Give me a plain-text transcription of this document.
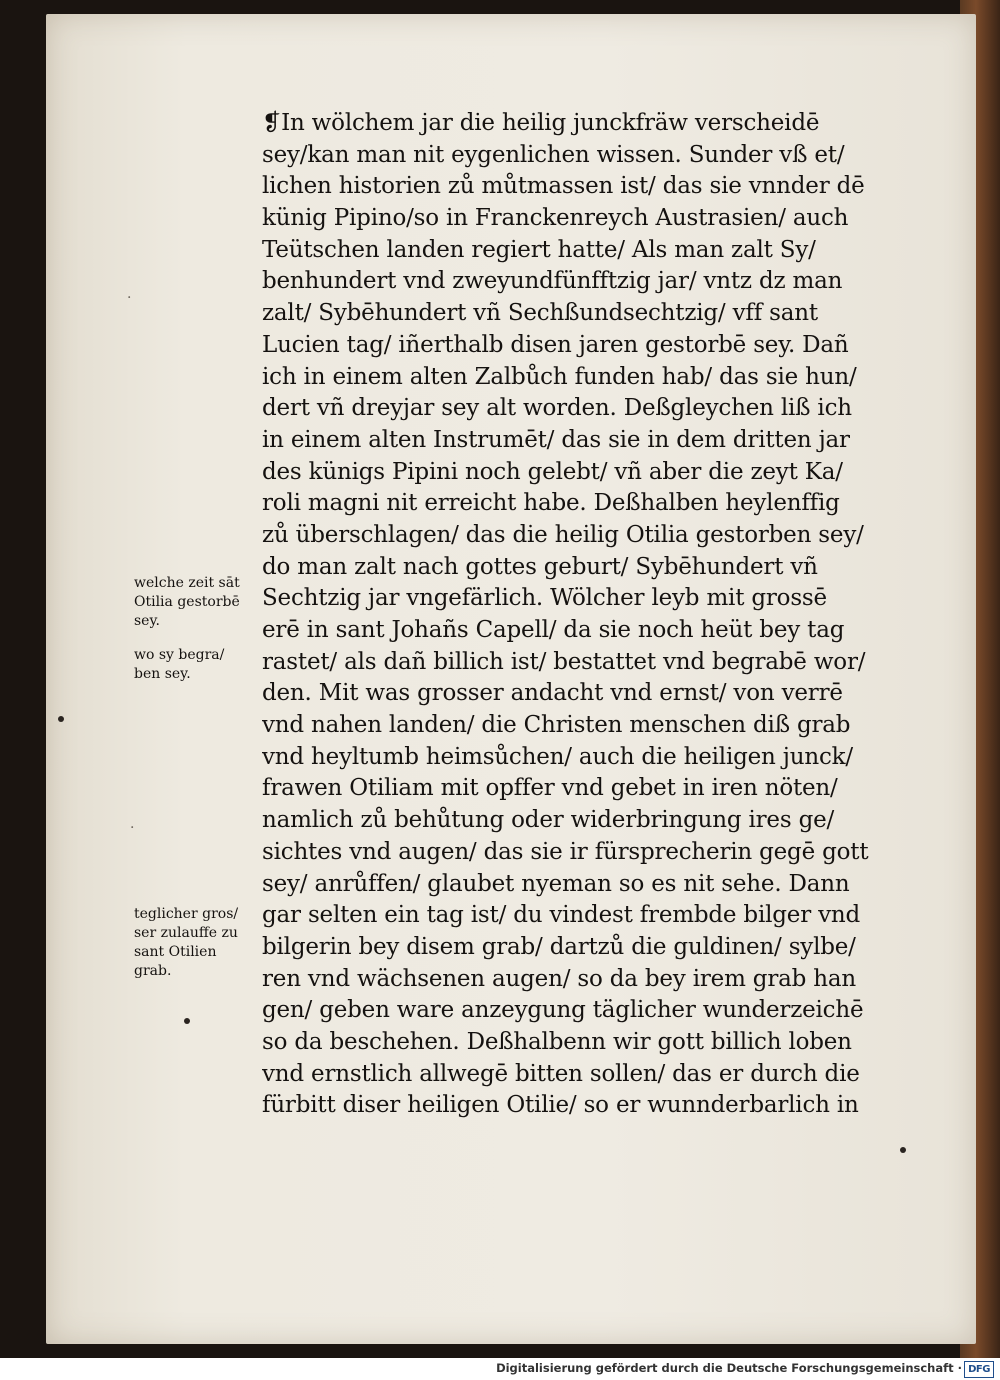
❡In wölchem jar die heilig junckfräw verscheidē
sey/kan man nit eygenlichen wissen. Sunder vß et/
lichen historien zů můtmassen ist/ das sie vnnder dē
künig Pipino/so in Franckenreych Austrasien/ auch
Teütschen landen regiert hatte/ Als man zalt Sy/
benhundert vnd zweyundfünfftzig jar/ vntz dz man
zalt/ Sybēhundert vñ Sechßundsechtzig/ vff sant
Lucien tag/ iñerthalb disen jaren gestorbē sey. Dañ
ich in einem alten Zalbůch funden hab/ das sie hun/
dert vñ dreyjar sey alt worden. Deßgleychen liß ich
in einem alten Instrumēt/ das sie in dem dritten jar
des künigs Pipini noch gelebt/ vñ aber die zeyt Ka/
roli magni nit erreicht habe. Deßhalben heylenffig
zů überschlagen/ das die heilig Otilia gestorben sey/
do man zalt nach gottes geburt/ Sybēhundert vñ
Sechtzig jar vngefärlich. Wölcher leyb mit grossē
erē in sant Johañs Capell/ da sie noch heüt bey tag
rastet/ als dañ billich ist/ bestattet vnd begrabē wor/
den. Mit was grosser andacht vnd ernst/ von verrē
vnd nahen landen/ die Christen menschen diß grab
vnd heyltumb heimsůchen/ auch die heiligen junck/
frawen Otiliam mit opffer vnd gebet in iren nöten/
namlich zů behůtung oder widerbringung ires ge/
sichtes vnd augen/ das sie ir fürsprecherin gegē gott
sey/ anrůffen/ glaubet nyeman so es nit sehe. Dann
gar selten ein tag ist/ du vindest frembde bilger vnd
bilgerin bey disem grab/ dartzů die guldinen/ sylbe/
ren vnd wächsenen augen/ so da bey irem grab han
gen/ geben ware anzeygung täglicher wunderzeichē
so da beschehen. Deßhalbenn wir gott billich loben
vnd ernstlich allwegē bitten sollen/ das er durch die
fürbitt diser heiligen Otilie/ so er wunnderbarlich in
welche zeit sāt
Otilia gestorbē
sey.
wo sy begra/
ben sey.
teglicher gros/
ser zulauffe zu
sant Otilien
grab.
·
·
Digitalisierung gefördert durch die Deutsche Forschungsgemeinschaft · DFG
